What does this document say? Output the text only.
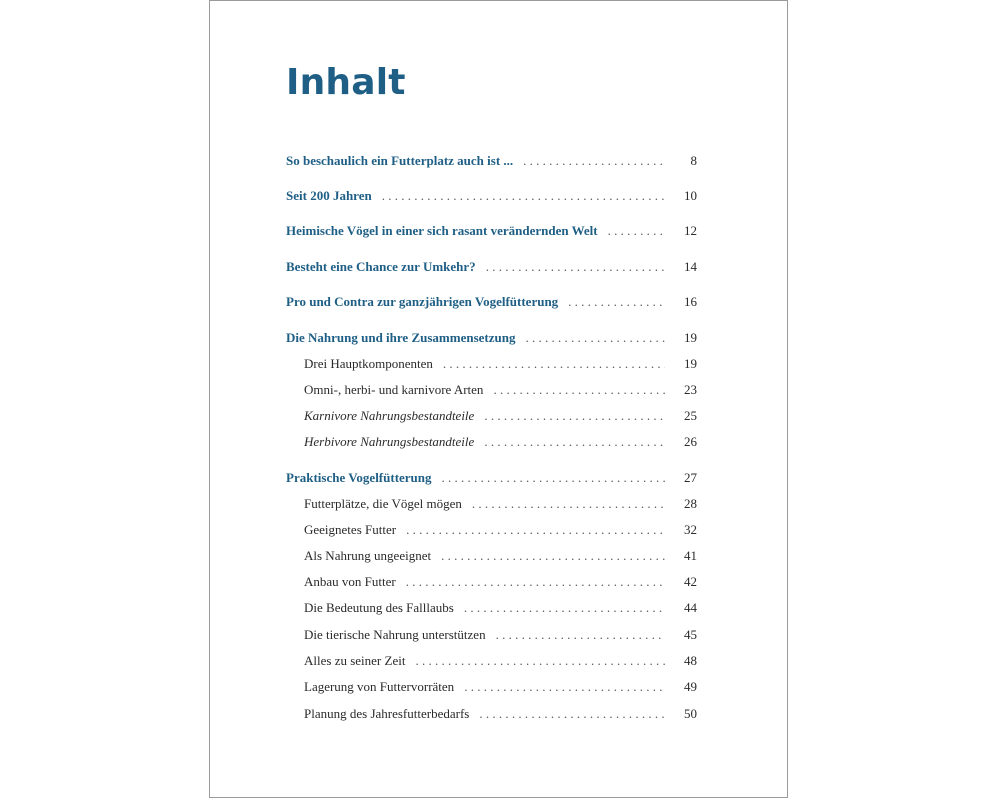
Inhalt
So beschaulich ein Futterplatz auch ist ... . . .	8
Seit 200 Jahren . . .	10
Heimische Vögel in einer sich rasant verändernden Welt . . .	12
Besteht eine Chance zur Umkehr? . . .	14
Pro und Contra zur ganzjährigen Vogelfütterung . . .	16
Die Nahrung und ihre Zusammensetzung . . .	19
Drei Hauptkomponenten . . .	19
Omni-, herbi- und karnivore Arten . . .	23
Karnivore Nahrungsbestandteile . . .	25
Herbivore Nahrungsbestandteile . . .	26
Praktische Vogelfütterung . . .	27
Futterplätze, die Vögel mögen . . .	28
Geeignetes Futter . . .	32
Als Nahrung ungeeignet . . .	41
Anbau von Futter . . .	42
Die Bedeutung des Falllaubs . . .	44
Die tierische Nahrung unterstützen . . .	45
Alles zu seiner Zeit . . .	48
Lagerung von Futtervorräten . . .	49
Planung des Jahresfutterbedarfs . . .	50
